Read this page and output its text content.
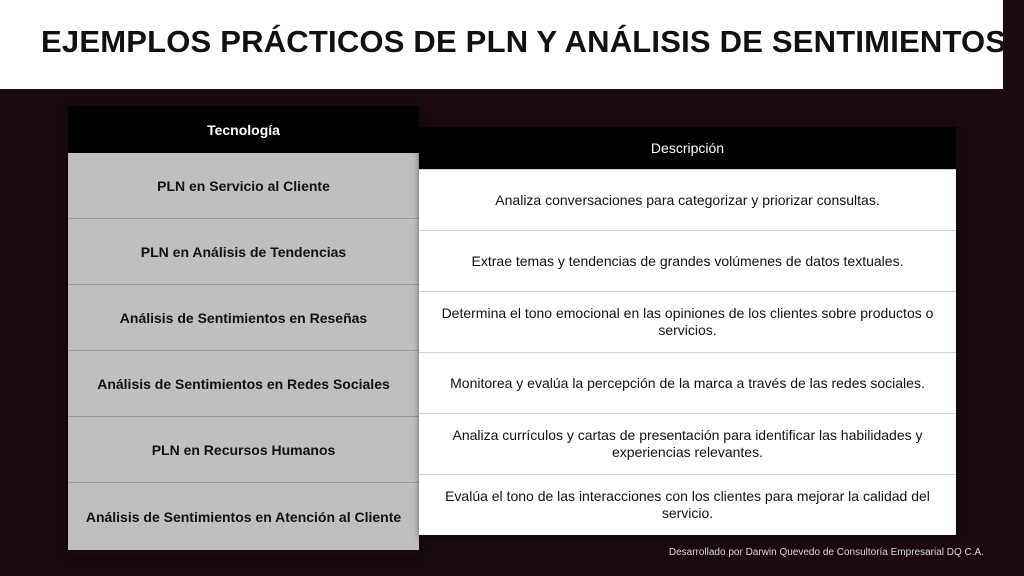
EJEMPLOS PRÁCTICOS DE PLN Y ANÁLISIS DE SENTIMIENTOS
Tecnología
PLN en Servicio al Cliente
PLN en Análisis de Tendencias
Análisis de Sentimientos en Reseñas
Análisis de Sentimientos en Redes Sociales
PLN en Recursos Humanos
Análisis de Sentimientos en Atención al Cliente
Descripción
Analiza conversaciones para categorizar y priorizar consultas.
Extrae temas y tendencias de grandes volúmenes de datos textuales.
Determina el tono emocional en las opiniones de los clientes sobre productos o servicios.
Monitorea y evalúa la percepción de la marca a través de las redes sociales.
Analiza currículos y cartas de presentación para identificar las habilidades y experiencias relevantes.
Evalúa el tono de las interacciones con los clientes para mejorar la calidad del servicio.
Desarrollado por Darwin Quevedo de Consultoría Empresarial DQ C.A.
